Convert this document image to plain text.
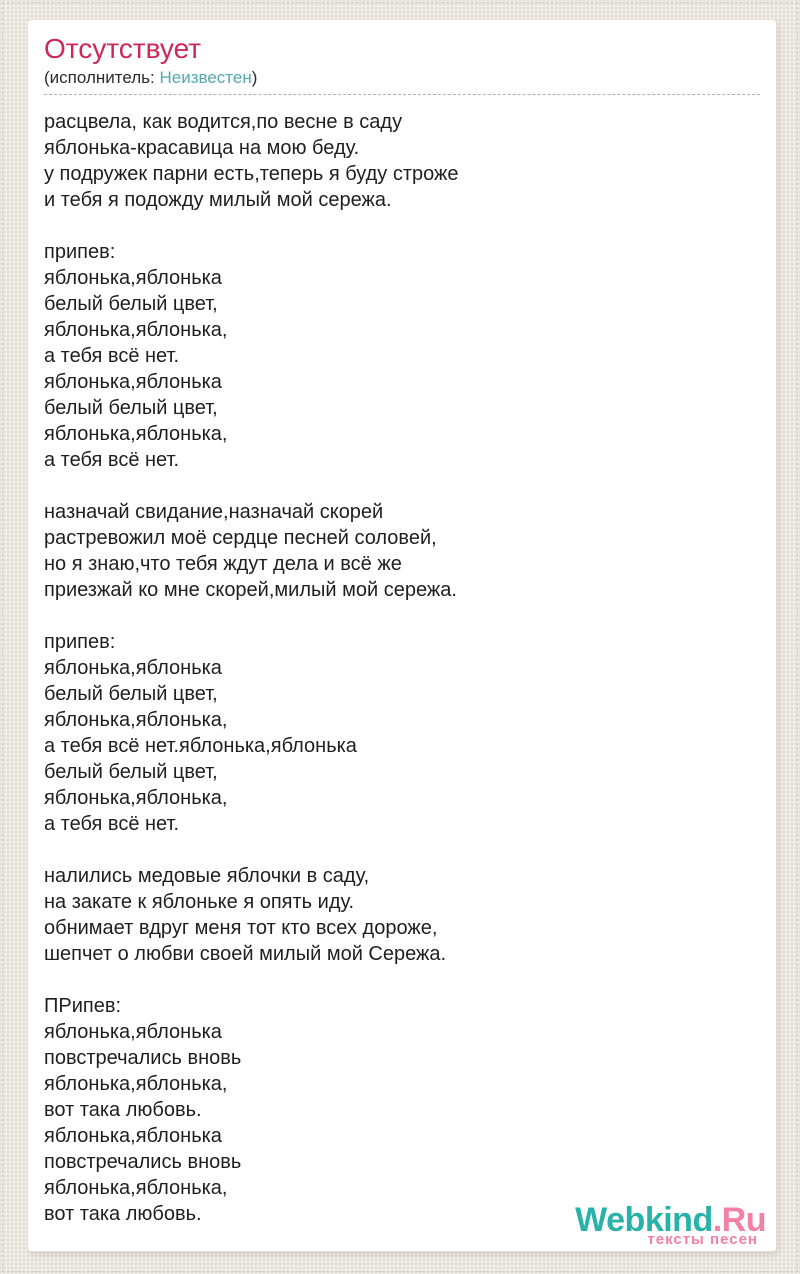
Отсутствует
(исполнитель: Неизвестен)
расцвела, как водится,по весне в саду
яблонька-красавица на мою беду.
у подружек парни есть,теперь я буду строже
и тебя я подожду милый мой сережа.
припев:
яблонька,яблонька
белый белый цвет,
яблонька,яблонька,
а тебя всё нет.
яблонька,яблонька
белый белый цвет,
яблонька,яблонька,
а тебя всё нет.
назначай свидание,назначай скорей
растревожил моё сердце песней соловей,
но я знаю,что тебя ждут дела и всё же
приезжай ко мне скорей,милый мой сережа.
припев:
яблонька,яблонька
белый белый цвет,
яблонька,яблонька,
а тебя всё нет.яблонька,яблонька
белый белый цвет,
яблонька,яблонька,
а тебя всё нет.
налились медовые яблочки в саду,
на закате к яблоньке я опять иду.
обнимает вдруг меня тот кто всех дороже,
шепчет о любви своей милый мой Сережа.
ПРипев:
яблонька,яблонька
повстречались вновь
яблонька,яблонька,
вот така любовь.
яблонька,яблонька
повстречались вновь
яблонька,яблонька,
вот така любовь.	Webkind.Ru
тексты песен
